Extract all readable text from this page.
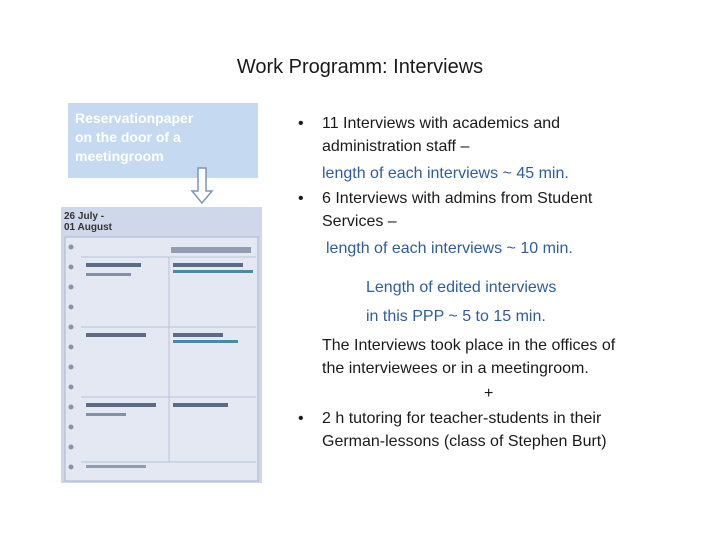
Work Programm: Interviews
Reservationpaper
on the door of a
meetingroom
26 July -
01 August
• 11 Interviews with academics and
administration staff –
length of each interviews ~ 45 min.
• 6 Interviews with admins from Student
Services –
length of each interviews ~ 10 min.
Length of edited interviews
in this PPP ~ 5 to 15 min.
The Interviews took place in the offices of
the interviewees or in a meetingroom.
+
• 2 h tutoring for teacher-students in their
German-lessons (class of Stephen Burt)
